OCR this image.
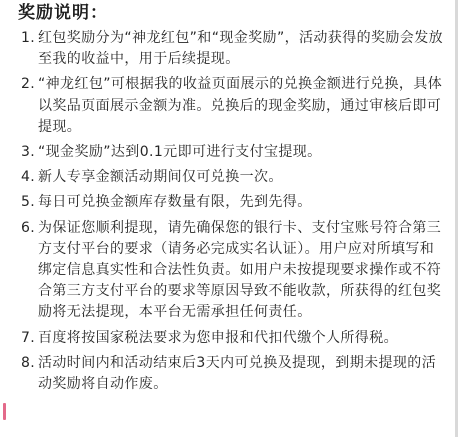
奖励说明：
1. 红包奖励分为“神龙红包”和“现金奖励”，活动获得的奖励会发放至我的收益中，用于后续提现。
2. “神龙红包”可根据我的收益页面展示的兑换金额进行兑换，具体以奖品页面展示金额为准。兑换后的现金奖励，通过审核后即可提现。
3. “现金奖励”达到0.1元即可进行支付宝提现。
4. 新人专享金额活动期间仅可兑换一次。
5. 每日可兑换金额库存数量有限，先到先得。
6. 为保证您顺利提现，请先确保您的银行卡、支付宝账号符合第三方支付平台的要求（请务必完成实名认证）。用户应对所填写和绑定信息真实性和合法性负责。如用户未按提现要求操作或不符合第三方支付平台的要求等原因导致不能收款，所获得的红包奖励将无法提现，本平台无需承担任何责任。
7. 百度将按国家税法要求为您申报和代扣代缴个人所得税。
8. 活动时间内和活动结束后3天内可兑换及提现，到期未提现的活动奖励将自动作废。
